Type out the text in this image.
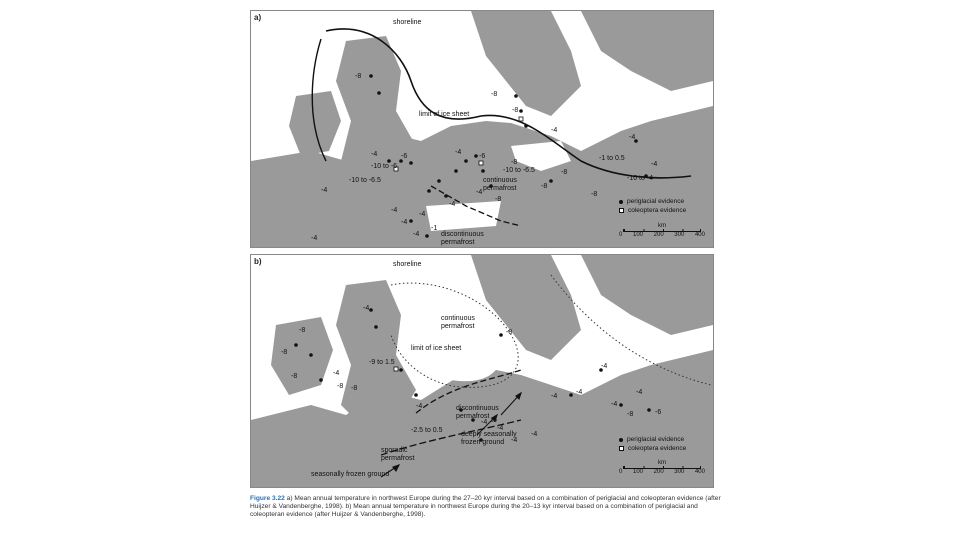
a)
shoreline
limit of ice sheet
continuous permafrost
discontinuous permafrost
-8
-8
-8
-6
-10 to -6
-10 to -6.5
-4
-4	-6
-4
-8
-4
-10 to -6.5
-4
-8
-4
-4
-8
-4
-4
-8
-4
-1 to 0.5
-10 to -4
-4
-8
-4
-4
-1
periglacial evidence
coleoptera evidence
km
0 100 200 300 400
b)	shoreline
limit of ice sheet
continuous permafrost
discontinuous permafrost
deeply seasonally frozen ground
sporadic permafrost
seasonally frozen ground
-8
-8
-8
-8
-4
-9 to 1.5
-4
-8
-8
-4
-4
-4
-4
-4
-4
-6
-8
-4
-4
-4
to
-4
-2.5 to 0.5
periglacial evidence
coleoptera evidence
km
0 100 200 300 400
Figure 3.22 a) Mean annual temperature in northwest Europe during the 27–20 kyr interval based on a combination of periglacial and coleopteran evidence (after Huijzer & Vandenberghe, 1998). b) Mean annual temperature in northwest Europe during the 20–13 kyr interval based on a combination of periglacial and coleopteran evidence (after Huijzer & Vandenberghe, 1998).
